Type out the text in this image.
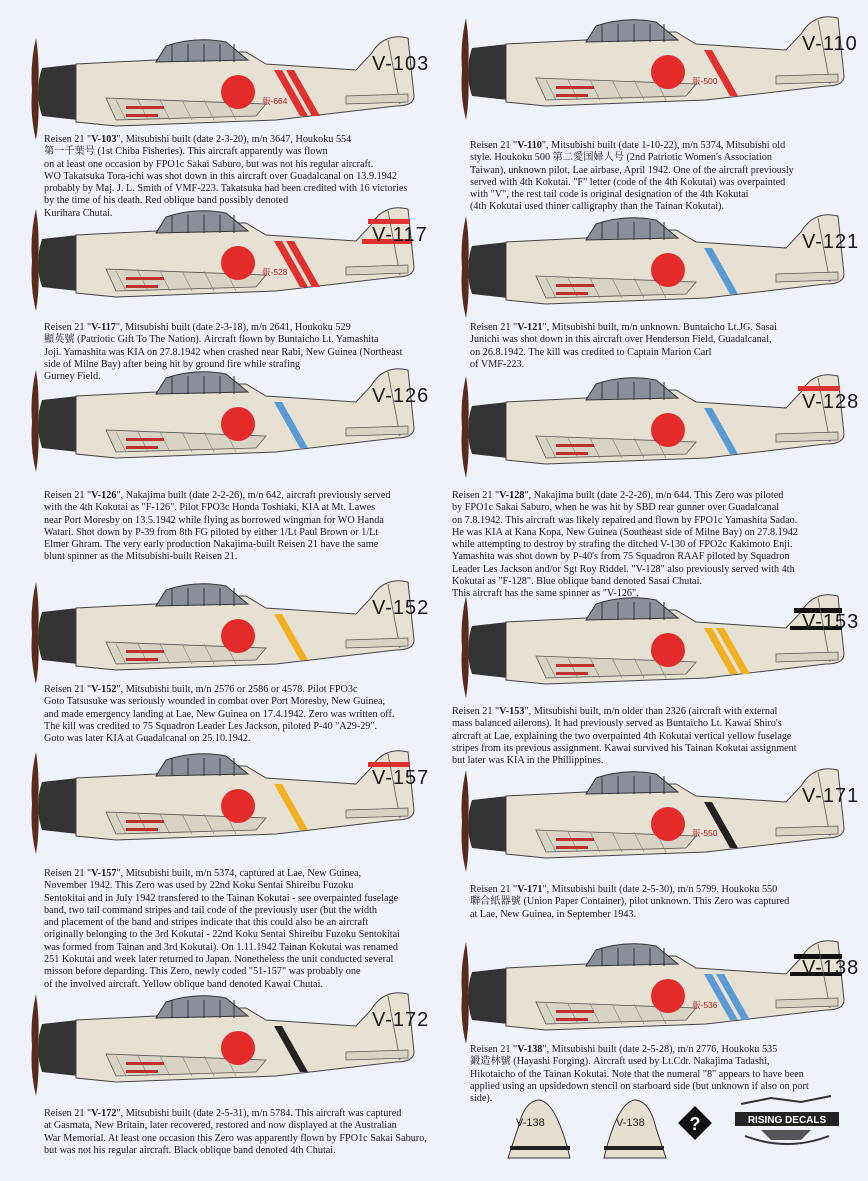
V-103
報-664
Reisen 21 "V-103", Mitsubishi built (date 2-3-20), m/n 3647, Houkoku 554
第一千葉号 (1st Chiba Fisheries). This aircraft apparently was flown
on at least one occasion by FPO1c Sakai Saburo, but was not his regular aircraft.
WO Takatsuka Tora-ichi was shot down in this aircraft over Guadalcanal on 13.9.1942
probably by Maj. J. L. Smith of VMF-223. Takatsuka had been credited with 16 victories
by the time of his death. Red oblique band possibly denoted
Kurihara Chutai.
V-117
報-528
Reisen 21 "V-117", Mitsubishi built (date 2-3-18), m/n 2641, Houkoku 529
顯英號 (Patriotic Gift To The Nation). Aircraft flown by Buntaicho Lt. Yamashita
Joji. Yamashita was KIA on 27.8.1942 when crashed near Rabi, New Guinea (Northeast
side of Milne Bay) after being hit by ground fire while strafing
Gurney Field.
V-126
Reisen 21 "V-126", Nakajima built (date 2-2-26), m/n 642, aircraft previously served
with the 4th Kokutai as "F-126". Pilot FPO3c Honda Toshiaki, KIA at Mt. Lawes
near Port Moresby on 13.5.1942 while flying as borrowed wingman for WO Handa
Watari. Shot down by P-39 from 8th FG piloted by either 1/Lt Paul Brown or 1/Lt
Elmer Ghram. The very early production Nakajima-built Reisen 21 have the same
blunt spinner as the Mitsubishi-built Reisen 21.
V-152
Reisen 21 "V-152", Mitsubishi built, m/n 2576 or 2586 or 4578. Pilot FPO3c
Goto Tatsusuke was seriously wounded in combat over Port Moresby, New Guinea,
and made emergency landing at Lae, New Guinea on 17.4.1942. Zero was written off.
The kill was credited to 75 Squadron Leader Les Jackson, piloted P-40 "A29-29".
Goto was later KIA at Guadalcanal on 25.10.1942.
V-157
Reisen 21 "V-157", Mitsubishi built, m/n 5374, captured at Lae, New Guinea,
November 1942. This Zero was used by 22nd Koku Sentai Shireibu Fuzoku
Sentokitai and in July 1942 transfered to the Tainan Kokutai - see overpainted fuselage
band, two tail command stripes and tail code of the previously user (but the width
and placement of the band and stripes indicate that this could also be an aircraft
originally belonging to the 3rd Kokutai - 22nd Koku Sentai Shireibu Fuzoku Sentokitai
was formed from Tainan and 3rd Kokutai). On 1.11.1942 Tainan Kokutai was renamed
251 Kokutai and week later returned to Japan. Nonetheless the unit conducted several
misson before deparding. This Zero, newly coded "51-157" was probably one
of the involved aircraft. Yellow oblique band denoted Kawai Chutai.
V-172
Reisen 21 "V-172", Mitsubishi built (date 2-5-31), m/n 5784. This aircraft was captured
at Gasmata, New Britain, later recovered, restored and now displayed at the Australian
War Memorial. At least one occasion this Zero was apparently flown by FPO1c Sakai Saburo,
but was not his regular aircraft. Black oblique band denoted 4th Chutai.
V-110
報-500
Reisen 21 "V-110", Mitsubishi built (date 1-10-22), m/n 5374, Mitsubishi old
style. Houkoku 500 第二愛国婦人号 (2nd Patriotic Women's Association
Taiwan), unknown pilot, Lae airbase, April 1942. One of the aircraft previously
served with 4th Kokutai. "F" letter (code of the 4th Kokutai) was overpainted
with "V", the rest tail code is original designation of the 4th Kokutai
(4th Kokutai used thiner calligraphy than the Tainan Kokutai).
V-121
Reisen 21 "V-121", Mitsubishi built, m/n unknown. Buntaicho Lt.JG. Sasai
Junichi was shot down in this aircraft over Henderson Field, Guadalcanal,
on 26.8.1942. The kill was credited to Captain Marion Carl
of VMF-223.
V-128
Reisen 21 "V-128", Nakajima built (date 2-2-26), m/n 644. This Zero was piloted
by FPO1c Sakai Saburo, when he was hit by SBD rear gunner over Guadalcanal
on 7.8.1942. This aircraft was likely repaired and flown by FPO1c Yamashita Sadao.
He was KIA at Kana Kopa, New Guinea (Southeast side of Milne Bay) on 27.8.1942
while attempting to destroy by strafing the ditched V-130 of FPO2c Kakimoto Enji.
Yamashita was shot down by P-40's from 75 Squadron RAAF piloted by Squadron
Leader Les Jackson and/or Sgt Roy Riddel. "V-128" also previously served with 4th
Kokutai as "F-128". Blue oblique band denoted Sasai Chutai.
This aircraft has the same spinner as "V-126".
V-153
Reisen 21 "V-153", Mitsubishi built, m/n older than 2326 (aircraft with external
mass balanced ailerons). It had previously served as Buntaicho Lt. Kawai Shiro's
aircraft at Lae, explaining the two overpainted 4th Kokutai vertical yellow fuselage
stripes from its previous assignment. Kawai survived his Tainan Kokutai assignment
but later was KIA in the Phillippines.
V-171
報-550
Reisen 21 "V-171", Mitsubishi built (date 2-5-30), m/n 5799, Houkoku 550
聯合紙器號 (Union Paper Container), pilot unknown. This Zero was captured
at Lae, New Guinea, in September 1943.
V-138
報-536
Reisen 21 "V-138", Mitsubishi built (date 2-5-28), m/n 2776, Houkoku 535
鍛造林號 (Hayashi Forging). Aircraft used by Lt.Cdr. Nakajima Tadashi,
Hikotaicho of the Tainan Kokutai. Note that the numeral "8" appears to have been
applied using an upsidedown stencil on starboard side (but unknown if also on port
side).
V-138	V-138 ?	RISING DECALS
